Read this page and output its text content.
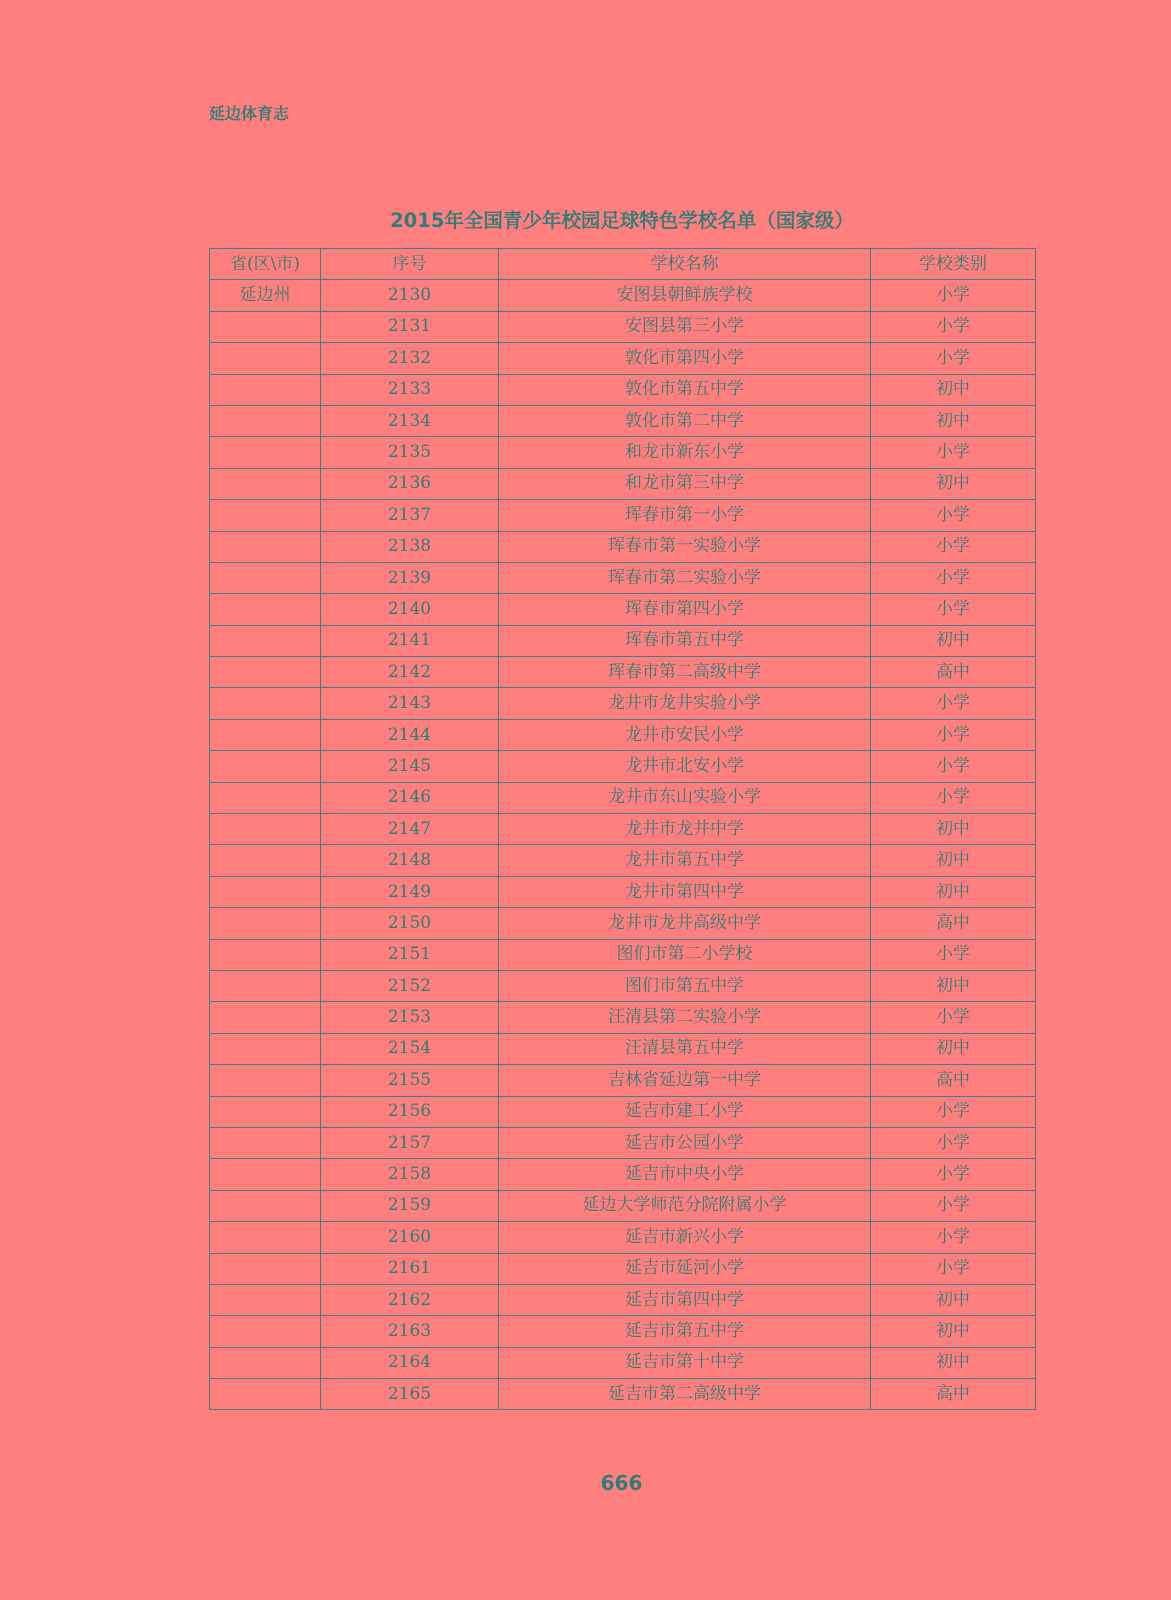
延边体育志
2015年全国青少年校园足球特色学校名单（国家级）
省(区\市)	序号	学校名称	学校类别
延边州	2130	安图县朝鲜族学校	小学
	2131	安图县第三小学	小学
	2132	敦化市第四小学	小学
	2133	敦化市第五中学	初中
	2134	敦化市第二中学	初中
	2135	和龙市新东小学	小学
	2136	和龙市第三中学	初中
	2137	珲春市第一小学	小学
	2138	珲春市第一实验小学	小学
	2139	珲春市第二实验小学	小学
	2140	珲春市第四小学	小学
	2141	珲春市第五中学	初中
	2142	珲春市第二高级中学	高中
	2143	龙井市龙井实验小学	小学
	2144	龙井市安民小学	小学
	2145	龙井市北安小学	小学
	2146	龙井市东山实验小学	小学
	2147	龙井市龙井中学	初中
	2148	龙井市第五中学	初中
	2149	龙井市第四中学	初中
	2150	龙井市龙井高级中学	高中
	2151	图们市第二小学校	小学
	2152	图们市第五中学	初中
	2153	汪清县第二实验小学	小学
	2154	汪清县第五中学	初中
	2155	吉林省延边第一中学	高中
	2156	延吉市建工小学	小学
	2157	延吉市公园小学	小学
	2158	延吉市中央小学	小学
	2159	延边大学师范分院附属小学	小学
	2160	延吉市新兴小学	小学
	2161	延吉市延河小学	小学
	2162	延吉市第四中学	初中
	2163	延吉市第五中学	初中
	2164	延吉市第十中学	初中
	2165	延吉市第二高级中学	高中
666
